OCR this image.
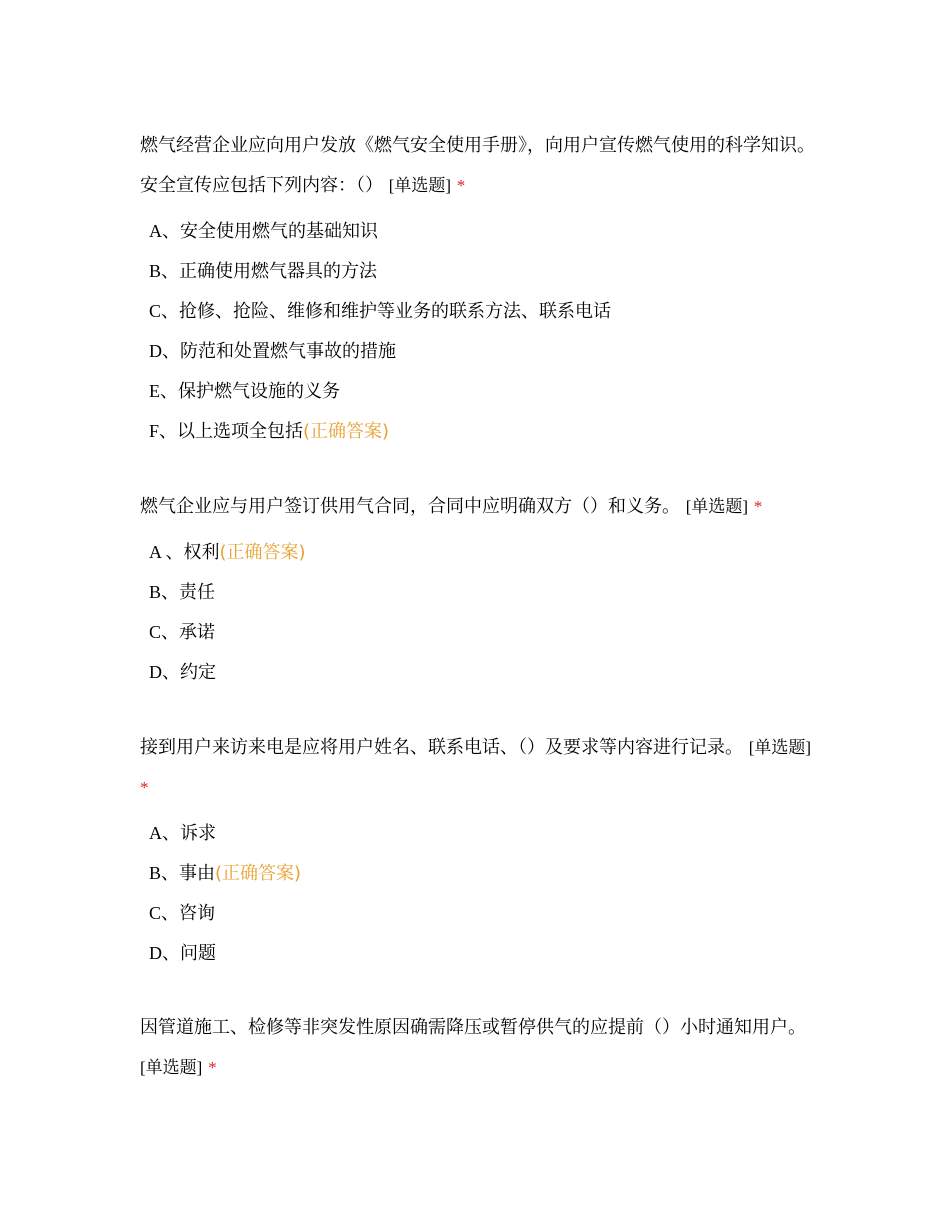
燃气经营企业应向用户发放《燃气安全使用手册》，向用户宣传燃气使用的科学知识。安全宣传应包括下列内容：（） [单选题] *

A、安全使用燃气的基础知识
B、正确使用燃气器具的方法
C、抢修、抢险、维修和维护等业务的联系方法、联系电话
D、防范和处置燃气事故的措施
E、保护燃气设施的义务
F、以上选项全包括(正确答案)

燃气企业应与用户签订供用气合同，合同中应明确双方（）和义务。 [单选题] *

A 、权利(正确答案)
B、责任
C、承诺
D、约定

接到用户来访来电是应将用户姓名、联系电话、（）及要求等内容进行记录。 [单选题] *

A、诉求
B、事由(正确答案)
C、咨询
D、问题

因管道施工、检修等非突发性原因确需降压或暂停供气的应提前（）小时通知用户。 [单选题] *
